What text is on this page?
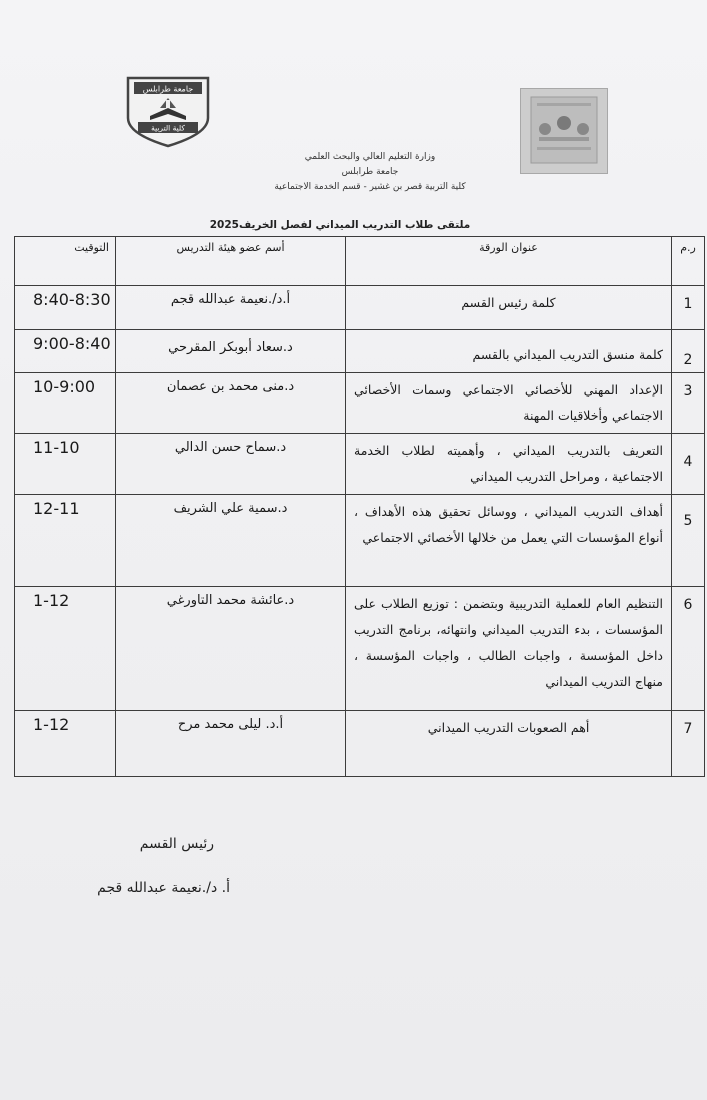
جامعة طرابلس
كلية التربية
وزارة التعليم العالي والبحث العلمي
جامعة طرابلس
كلية التربية قصر بن غشير - قسم الخدمة الاجتماعية
ملتقى طلاب التدريب الميداني لفصل الخريف2025
ر.م	عنوان الورقة	أسم عضو هيئة التدريس	التوقيت
1	كلمة رئيس القسم	أ.د/.نعيمة عبدالله قجم	8:40-8:30
2	كلمة منسق التدريب الميداني بالقسم	د.سعاد أبوبكر المقرحي	9:00-8:40
3	الإعداد المهني للأخصائي الاجتماعي وسمات الأخصائي الاجتماعي وأخلاقيات المهنة	د.منى محمد بن عصمان	10-9:00
4	التعريف بالتدريب الميداني ، وأهميته لطلاب الخدمة الاجتماعية ، ومراحل التدريب الميداني	د.سماح حسن الدالي	11-10
5	أهداف التدريب الميداني ، ووسائل تحقيق هذه الأهداف ، أنواع المؤسسات التي يعمل من خلالها الأخصائي الاجتماعي	د.سمية علي الشريف	12-11
6	التنظيم العام للعملية التدريبية وبتضمن : توزيع الطلاب على المؤسسات ، بدء التدريب الميداني وانتهائه، برنامج التدريب داخل المؤسسة ، واجبات الطالب ، واجبات المؤسسة ، منهاج التدريب الميداني	د.عائشة محمد التاورغي	1-12
7	أهم الصعوبات التدريب الميداني	أ.د. ليلى محمد مرح	1-12
رئيس القسم
أ. د/.نعيمة عبدالله قجم
